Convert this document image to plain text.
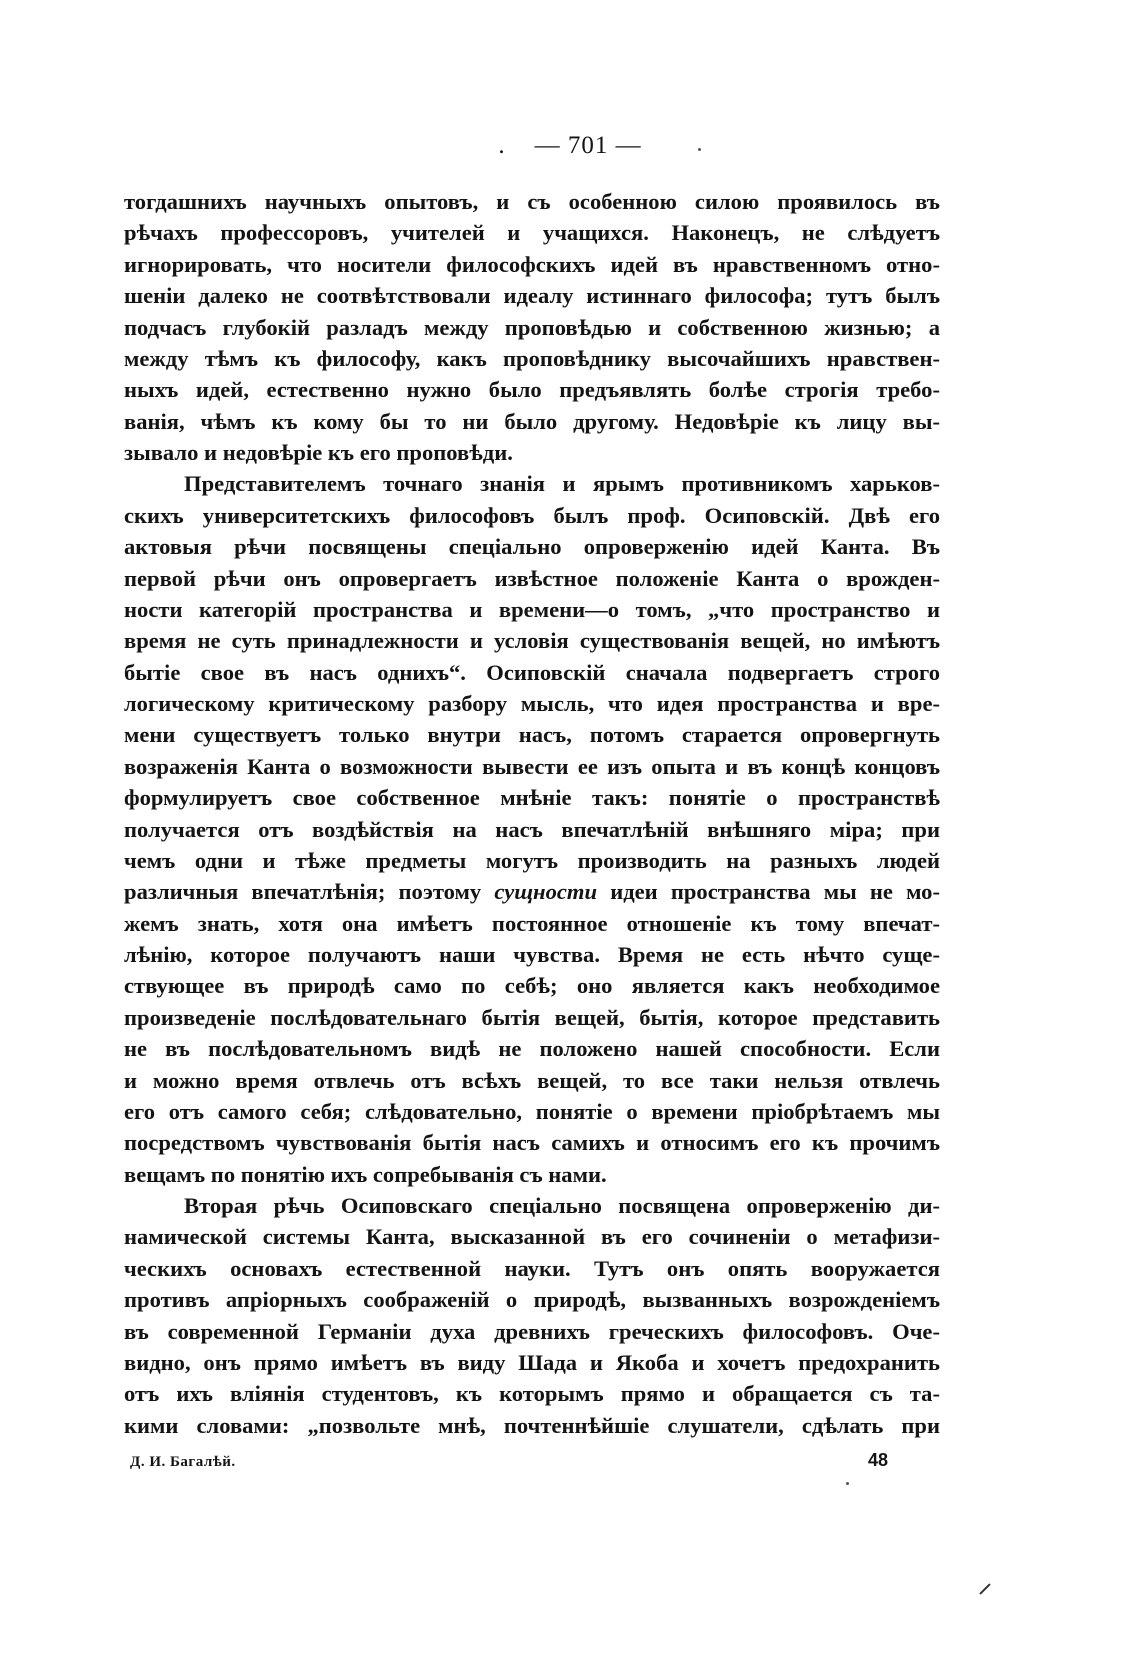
.    — 701 —
тогдашнихъ научныхъ опытовъ, и съ особенною силою проявилось въ
рѣчахъ профессоровъ, учителей и учащихся. Наконецъ, не слѣдуетъ
игнорировать, что носители философскихъ идей въ нравственномъ отно-
шеніи далеко не соотвѣтствовали идеалу истиннаго философа; тутъ былъ
подчасъ глубокій разладъ между проповѣдью и собственною жизнью; а
между тѣмъ къ философу, какъ проповѣднику высочайшихъ нравствен-
ныхъ идей, естественно нужно было предъявлять болѣе строгія требо-
ванія, чѣмъ къ кому бы то ни было другому. Недовѣріе къ лицу вы-
зывало и недовѣріе къ его проповѣди.
Представителемъ точнаго знанія и ярымъ противникомъ харьков-
скихъ университетскихъ философовъ былъ проф. Осиповскій. Двѣ его
актовыя рѣчи посвящены спеціально опроверженію идей Канта. Въ
первой рѣчи онъ опровергаетъ извѣстное положеніе Канта о врожден-
ности категорій пространства и времени—о томъ, „что пространство и
время не суть принадлежности и условія существованія вещей, но имѣютъ
бытіе свое въ насъ однихъ“. Осиповскій сначала подвергаетъ строго
логическому критическому разбору мысль, что идея пространства и вре-
мени существуетъ только внутри насъ, потомъ старается опровергнуть
возраженія Канта о возможности вывести ее изъ опыта и въ концѣ концовъ
формулируетъ свое собственное мнѣніе такъ: понятіе о пространствѣ
получается отъ воздѣйствія на насъ впечатлѣній внѣшняго міра; при
чемъ одни и тѣже предметы могутъ производить на разныхъ людей
различныя впечатлѣнія; поэтому сущности идеи пространства мы не мо-
жемъ знать, хотя она имѣетъ постоянное отношеніе къ тому впечат-
лѣнію, которое получаютъ наши чувства. Время не есть нѣчто суще-
ствующее въ природѣ само по себѣ; оно является какъ необходимое
произведеніе послѣдовательнаго бытія вещей, бытія, которое представить
не въ послѣдовательномъ видѣ не положено нашей способности. Если
и можно время отвлечь отъ всѣхъ вещей, то все таки нельзя отвлечь
его отъ самого себя; слѣдовательно, понятіе о времени пріобрѣтаемъ мы
посредствомъ чувствованія бытія насъ самихъ и относимъ его къ прочимъ
вещамъ по понятію ихъ сопребыванія съ нами.
Вторая рѣчь Осиповскаго спеціально посвящена опроверженію ди-
намической системы Канта, высказанной въ его сочиненіи о метафизи-
ческихъ основахъ естественной науки. Тутъ онъ опять вооружается
противъ апріорныхъ соображеній о природѣ, вызванныхъ возрожденіемъ
въ современной Германіи духа древнихъ греческихъ философовъ. Оче-
видно, онъ прямо имѣетъ въ виду Шада и Якоба и хочетъ предохранить
отъ ихъ вліянія студентовъ, къ которымъ прямо и обращается съ та-
кими словами: „позвольте мнѣ, почтеннѣйшіе слушатели, сдѣлать при
Д. И. Багалѣй.	48
